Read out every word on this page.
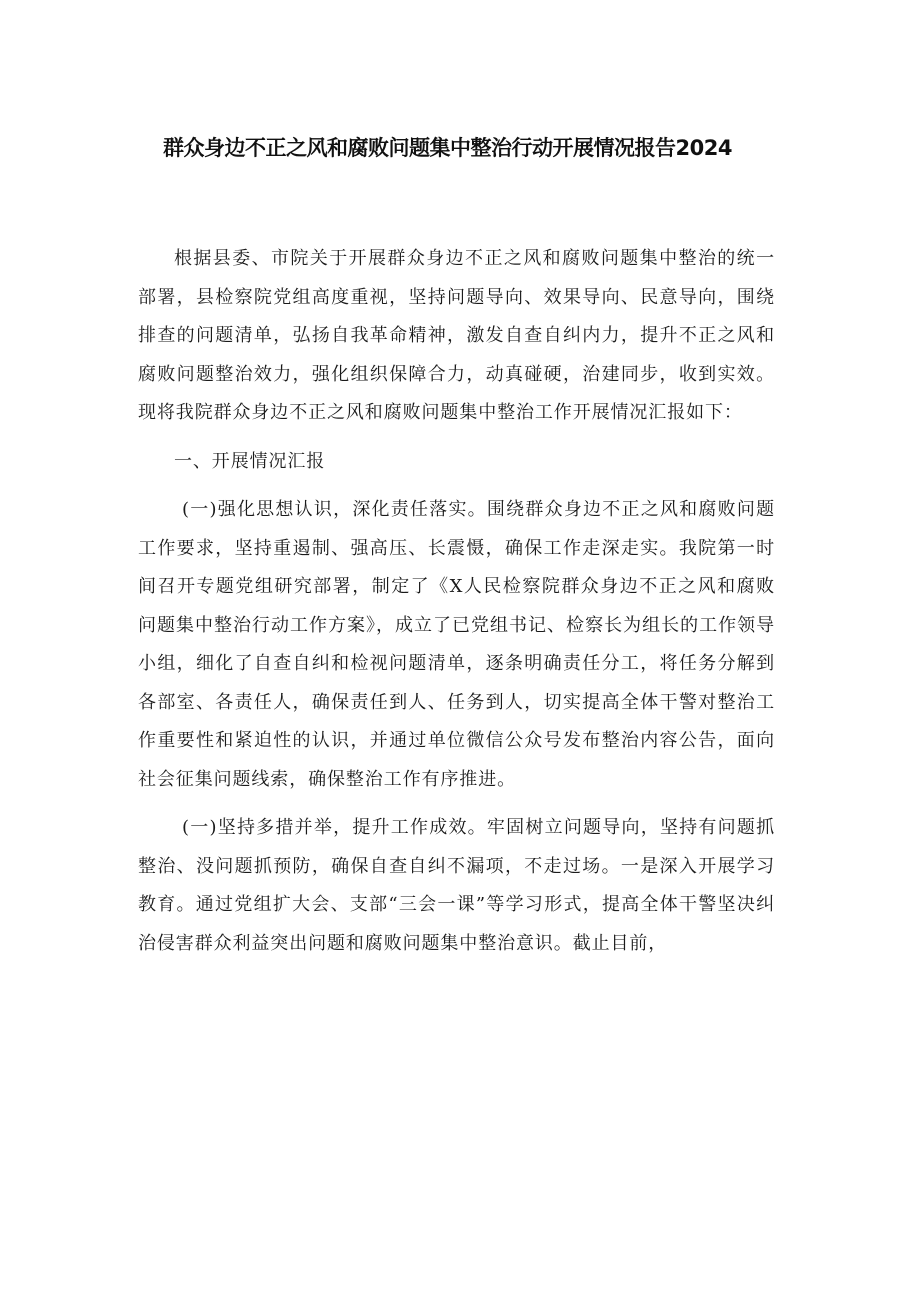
群众身边不正之风和腐败问题集中整治行动开展情况报告2024

根据县委、市院关于开展群众身边不正之风和腐败问题集中整治的统一部署，县检察院党组高度重视，坚持问题导向、效果导向、民意导向，围绕排查的问题清单，弘扬自我革命精神，激发自查自纠内力，提升不正之风和腐败问题整治效力，强化组织保障合力，动真碰硬，治建同步，收到实效。现将我院群众身边不正之风和腐败问题集中整治工作开展情况汇报如下：

一、开展情况汇报

(一)强化思想认识，深化责任落实。围绕群众身边不正之风和腐败问题工作要求，坚持重遏制、强高压、长震慑，确保工作走深走实。我院第一时间召开专题党组研究部署，制定了《X人民检察院群众身边不正之风和腐败问题集中整治行动工作方案》，成立了已党组书记、检察长为组长的工作领导小组，细化了自查自纠和检视问题清单，逐条明确责任分工，将任务分解到各部室、各责任人，确保责任到人、任务到人，切实提高全体干警对整治工作重要性和紧迫性的认识，并通过单位微信公众号发布整治内容公告，面向社会征集问题线索，确保整治工作有序推进。

(一)坚持多措并举，提升工作成效。牢固树立问题导向，坚持有问题抓整治、没问题抓预防，确保自查自纠不漏项，不走过场。一是深入开展学习教育。通过党组扩大会、支部“三会一课”等学习形式，提高全体干警坚决纠治侵害群众利益突出问题和腐败问题集中整治意识。截止目前，
